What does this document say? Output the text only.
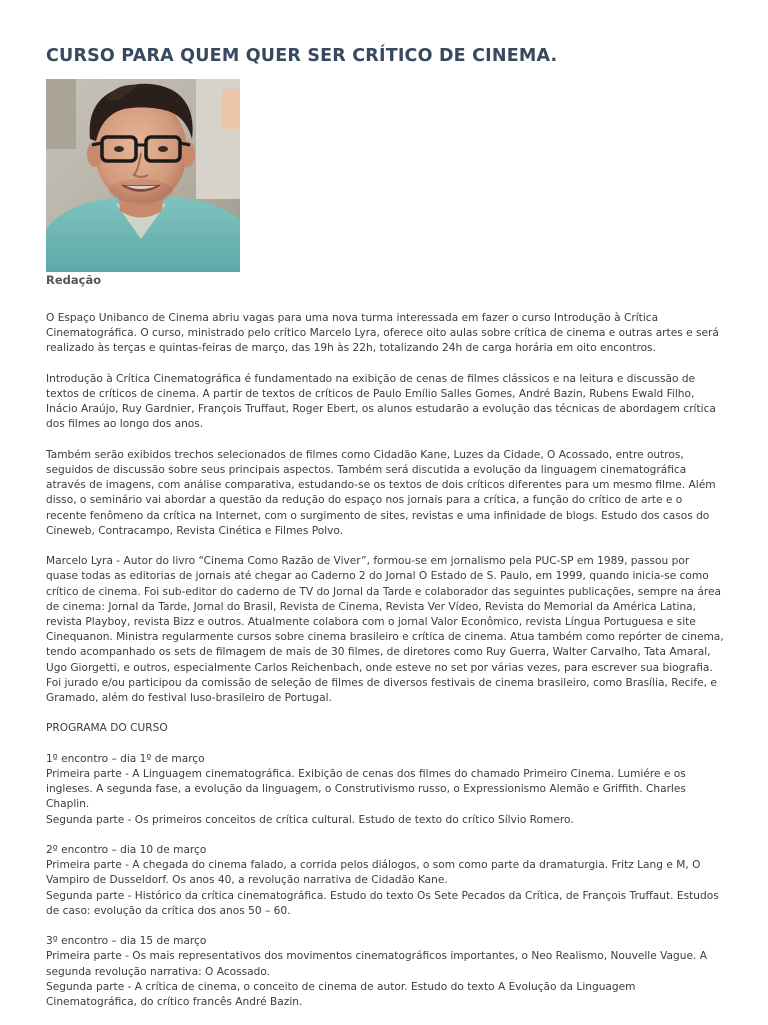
CURSO PARA QUEM QUER SER CRÍTICO DE CINEMA.
Redação

O Espaço Unibanco de Cinema abriu vagas para uma nova turma interessada em fazer o curso Introdução à Crítica Cinematográfica. O curso, ministrado pelo crítico Marcelo Lyra, oferece oito aulas sobre crítica de cinema e outras artes e será realizado às terças e quintas-feiras de março, das 19h às 22h, totalizando 24h de carga horária em oito encontros.

Introdução à Crítica Cinematográfica é fundamentado na exibição de cenas de filmes clássicos e na leitura e discussão de textos de críticos de cinema. A partir de textos de críticos de Paulo Emílio Salles Gomes, André Bazin, Rubens Ewald Filho, Inácio Araújo, Ruy Gardnier, François Truffaut, Roger Ebert, os alunos estudarão a evolução das técnicas de abordagem crítica dos filmes ao longo dos anos.

Também serão exibidos trechos selecionados de filmes como Cidadão Kane, Luzes da Cidade, O Acossado, entre outros, seguidos de discussão sobre seus principais aspectos. Também será discutida a evolução da linguagem cinematográfica através de imagens, com análise comparativa, estudando-se os textos de dois críticos diferentes para um mesmo filme. Além disso, o seminário vai abordar a questão da redução do espaço nos jornais para a crítica, a função do crítico de arte e o recente fenômeno da crítica na Internet, com o surgimento de sites, revistas e uma infinidade de blogs. Estudo dos casos do Cineweb, Contracampo, Revista Cinética e Filmes Polvo.

Marcelo Lyra - Autor do livro “Cinema Como Razão de Viver”, formou-se em jornalismo pela PUC-SP em 1989, passou por quase todas as editorias de jornais até chegar ao Caderno 2 do Jornal O Estado de S. Paulo, em 1999, quando inicia-se como crítico de cinema. Foi sub-editor do caderno de TV do Jornal da Tarde e colaborador das seguintes publicações, sempre na área de cinema: Jornal da Tarde, Jornal do Brasil, Revista de Cinema, Revista Ver Vídeo, Revista do Memorial da América Latina, revista Playboy, revista Bizz e outros. Atualmente colabora com o jornal Valor Econômico, revista Língua Portuguesa e site Cinequanon. Ministra regularmente cursos sobre cinema brasileiro e crítica de cinema. Atua também como repórter de cinema, tendo acompanhado os sets de filmagem de mais de 30 filmes, de diretores como Ruy Guerra, Walter Carvalho, Tata Amaral, Ugo Giorgetti, e outros, especialmente Carlos Reichenbach, onde esteve no set por várias vezes, para escrever sua biografia. Foi jurado e/ou participou da comissão de seleção de filmes de diversos festivais de cinema brasileiro, como Brasília, Recife, e Gramado, além do festival luso-brasileiro de Portugal.

PROGRAMA DO CURSO

1º encontro – dia 1º de março
Primeira parte - A Linguagem cinematográfica. Exibição de cenas dos filmes do chamado Primeiro Cinema. Lumiére e os ingleses. A segunda fase, a evolução da linguagem, o Construtivismo russo, o Expressionismo Alemão e Griffith. Charles Chaplin.
Segunda parte - Os primeiros conceitos de crítica cultural. Estudo de texto do crítico Sílvio Romero.

2º encontro – dia 10 de março
Primeira parte - A chegada do cinema falado, a corrida pelos diálogos, o som como parte da dramaturgia. Fritz Lang e M, O Vampiro de Dusseldorf. Os anos 40, a revolução narrativa de Cidadão Kane.
Segunda parte - Histórico da crítica cinematográfica. Estudo do texto Os Sete Pecados da Crítica, de François Truffaut. Estudos de caso: evolução da crítica dos anos 50 – 60.

3º encontro – dia 15 de março
Primeira parte - Os mais representativos dos movimentos cinematográficos importantes, o Neo Realismo, Nouvelle Vague. A segunda revolução narrativa: O Acossado.
Segunda parte - A crítica de cinema, o conceito de cinema de autor. Estudo do texto A Evolução da Linguagem Cinematográfica, do crítico francês André Bazin.
